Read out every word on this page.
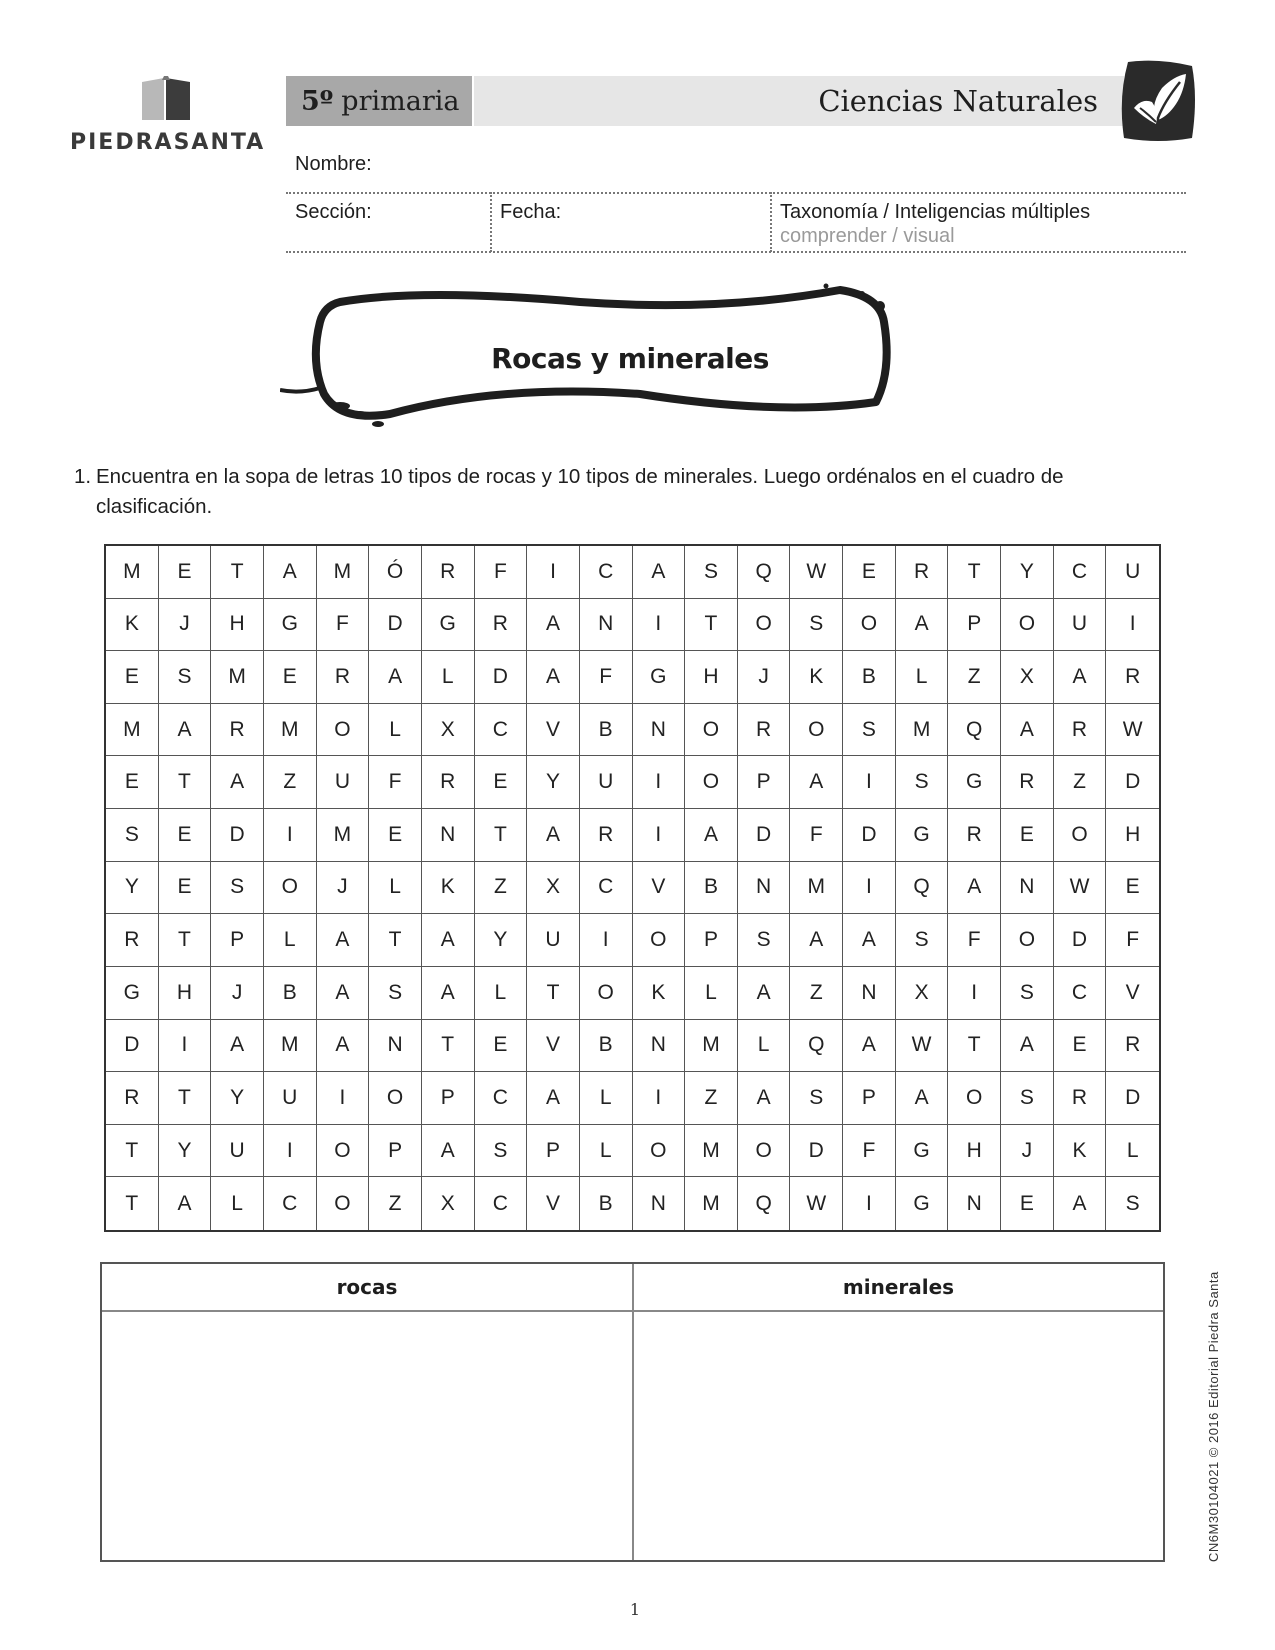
PIEDRASANTA
5º primaria	Ciencias Naturales
Nombre:
Sección:	Fecha:	Taxonomía / Inteligencias múltiples
comprender / visual
Rocas y minerales
1. Encuentra en la sopa de letras 10 tipos de rocas y 10 tipos de minerales. Luego ordénalos en el cuadro de clasificación.
M	E	T	A	M	Ó	R	F	I	C	A	S	Q	W	E	R	T	Y	C	U
K	J	H	G	F	D	G	R	A	N	I	T	O	S	O	A	P	O	U	I
E	S	M	E	R	A	L	D	A	F	G	H	J	K	B	L	Z	X	A	R
M	A	R	M	O	L	X	C	V	B	N	O	R	O	S	M	Q	A	R	W
E	T	A	Z	U	F	R	E	Y	U	I	O	P	A	I	S	G	R	Z	D
S	E	D	I	M	E	N	T	A	R	I	A	D	F	D	G	R	E	O	H
Y	E	S	O	J	L	K	Z	X	C	V	B	N	M	I	Q	A	N	W	E
R	T	P	L	A	T	A	Y	U	I	O	P	S	A	A	S	F	O	D	F
G	H	J	B	A	S	A	L	T	O	K	L	A	Z	N	X	I	S	C	V
D	I	A	M	A	N	T	E	V	B	N	M	L	Q	A	W	T	A	E	R
R	T	Y	U	I	O	P	C	A	L	I	Z	A	S	P	A	O	S	R	D
T	Y	U	I	O	P	A	S	P	L	O	M	O	D	F	G	H	J	K	L
T	A	L	C	O	Z	X	C	V	B	N	M	Q	W	I	G	N	E	A	S
rocas	minerales	CN6M30104021 © 2016 Editorial Piedra Santa
1
